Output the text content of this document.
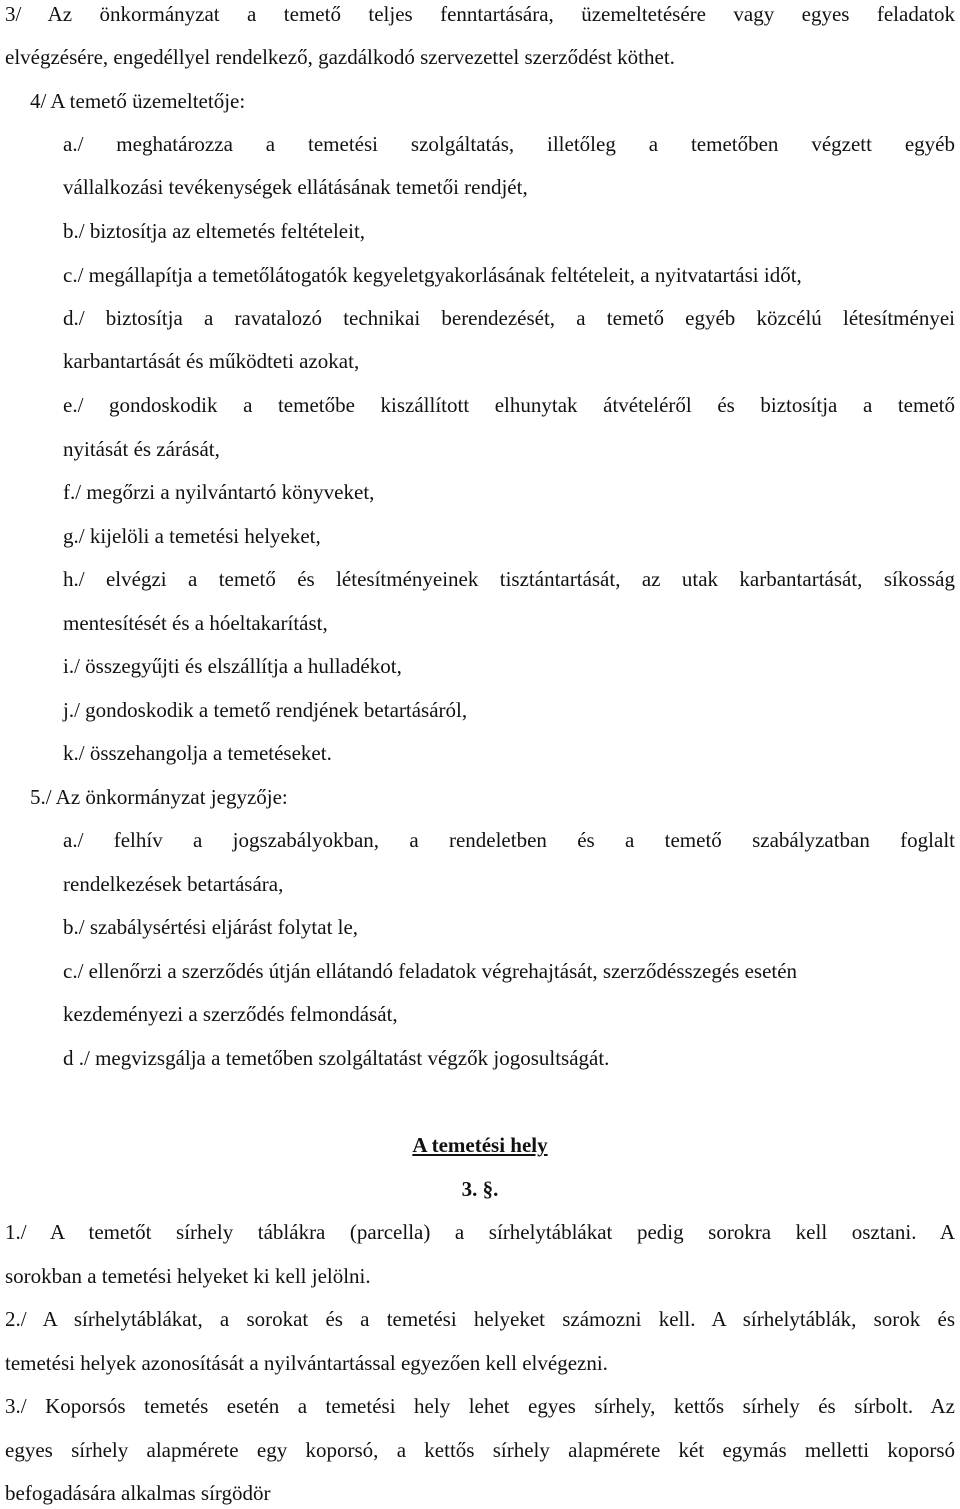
3/ Az önkormányzat a temető teljes fenntartására, üzemeltetésére vagy egyes feladatok
elvégzésére, engedéllyel rendelkező, gazdálkodó szervezettel szerződést köthet.
4/ A temető üzemeltetője:
a./ meghatározza a temetési szolgáltatás, illetőleg a temetőben végzett egyéb
vállalkozási tevékenységek ellátásának temetői rendjét,
b./ biztosítja az eltemetés feltételeit,
c./ megállapítja a temetőlátogatók kegyeletgyakorlásának feltételeit, a nyitvatartási időt,
d./ biztosítja a ravatalozó technikai berendezését, a temető egyéb közcélú létesítményei
karbantartását és működteti azokat,
e./ gondoskodik a temetőbe kiszállított elhunytak átvételéről és biztosítja a temető
nyitását és zárását,
f./ megőrzi a nyilvántartó könyveket,
g./ kijelöli a temetési helyeket,
h./ elvégzi a temető és létesítményeinek tisztántartását, az utak karbantartását, síkosság
mentesítését és a hóeltakarítást,
i./ összegyűjti és elszállítja a hulladékot,
j./ gondoskodik a temető rendjének betartásáról,
k./ összehangolja a temetéseket.
5./ Az önkormányzat jegyzője:
a./ felhív a jogszabályokban, a rendeletben és a temető szabályzatban foglalt
rendelkezések betartására,
b./ szabálysértési eljárást folytat le,
c./ ellenőrzi a szerződés útján ellátandó feladatok végrehajtását, szerződésszegés esetén
kezdeményezi a szerződés felmondását,
d ./ megvizsgálja a temetőben szolgáltatást végzők jogosultságát.
A temetési hely
3. §.
1./ A temetőt sírhely táblákra (parcella) a sírhelytáblákat pedig sorokra kell osztani. A
sorokban a temetési helyeket ki kell jelölni.
2./ A sírhelytáblákat, a sorokat és a temetési helyeket számozni kell. A sírhelytáblák, sorok és
temetési helyek azonosítását a nyilvántartással egyezően kell elvégezni.
3./ Koporsós temetés esetén a temetési hely lehet egyes sírhely, kettős sírhely és sírbolt. Az
egyes sírhely alapmérete egy koporsó, a kettős sírhely alapmérete két egymás melletti koporsó
befogadására alkalmas sírgödör
